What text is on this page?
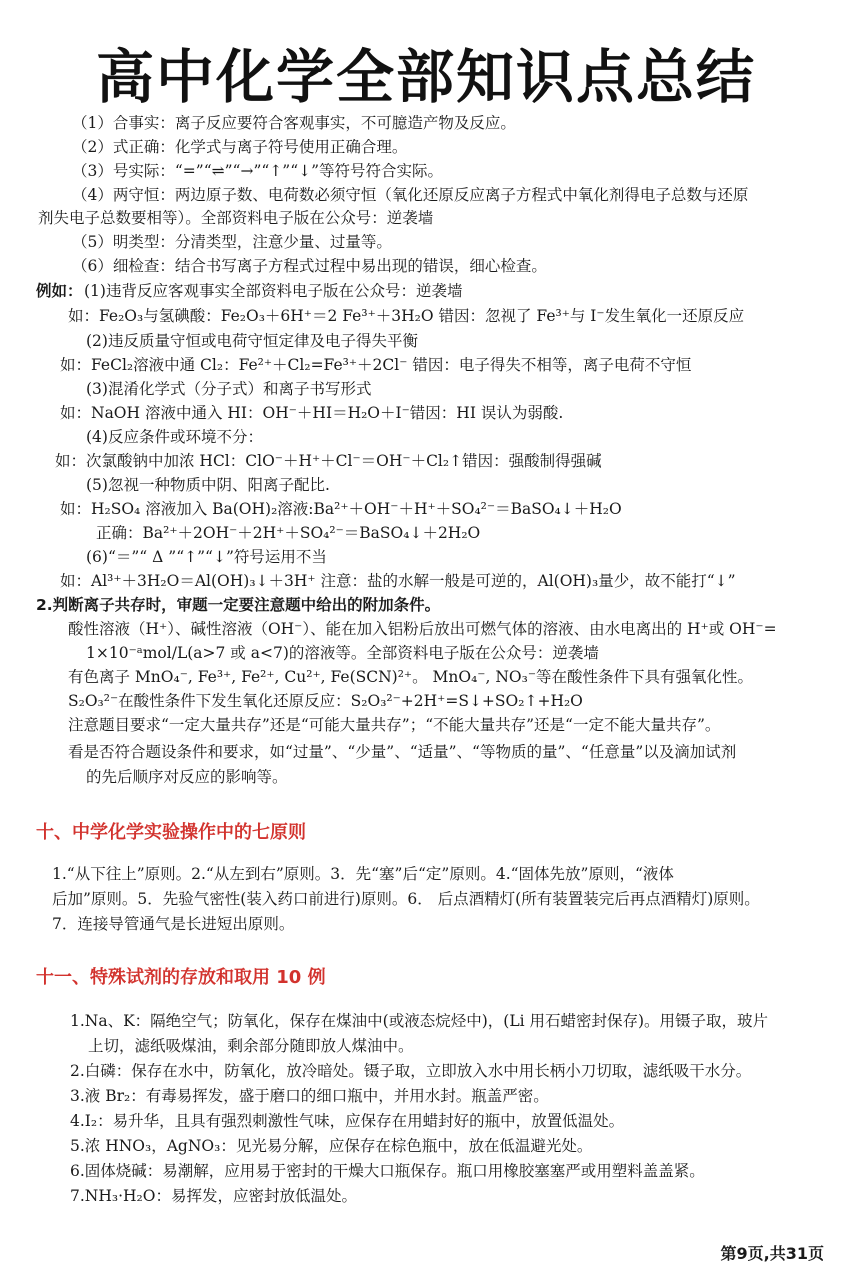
高中化学全部知识点总结
（1）合事实：离子反应要符合客观事实，不可臆造产物及反应。
（2）式正确：化学式与离子符号使用正确合理。
（3）号实际：“=”“⇌”“→”“↑”“↓”等符号符合实际。
（4）两守恒：两边原子数、电荷数必须守恒（氧化还原反应离子方程式中氧化剂得电子总数与还原
剂失电子总数要相等）。全部资料电子版在公众号：逆袭墙
（5）明类型：分清类型，注意少量、过量等。
（6）细检查：结合书写离子方程式过程中易出现的错误，细心检查。
例如： (1)违背反应客观事实全部资料电子版在公众号：逆袭墙
如：Fe₂O₃与氢碘酸：Fe₂O₃＋6H⁺＝2 Fe³⁺＋3H₂O 错因：忽视了 Fe³⁺与 I⁻发生氧化一还原反应
(2)违反质量守恒或电荷守恒定律及电子得失平衡
如：FeCl₂溶液中通 Cl₂：Fe²⁺＋Cl₂=Fe³⁺＋2Cl⁻ 错因：电子得失不相等，离子电荷不守恒
(3)混淆化学式（分子式）和离子书写形式
如：NaOH 溶液中通入 HI：OH⁻＋HI＝H₂O＋I⁻错因：HI 误认为弱酸.
(4)反应条件或环境不分：
如：次氯酸钠中加浓 HCl：ClO⁻＋H⁺＋Cl⁻＝OH⁻＋Cl₂↑错因：强酸制得强碱
(5)忽视一种物质中阴、阳离子配比.
如：H₂SO₄ 溶液加入 Ba(OH)₂溶液:Ba²⁺＋OH⁻＋H⁺＋SO₄²⁻＝BaSO₄↓＋H₂O
正确：Ba²⁺＋2OH⁻＋2H⁺＋SO₄²⁻＝BaSO₄↓＋2H₂O
(6)“＝”“ Δ ”“↑”“↓”符号运用不当
如：Al³⁺＋3H₂O＝Al(OH)₃↓＋3H⁺ 注意：盐的水解一般是可逆的，Al(OH)₃量少，故不能打“↓”
2.判断离子共存时，审题一定要注意题中给出的附加条件。
酸性溶液（H⁺）、碱性溶液（OH⁻）、能在加入铝粉后放出可燃气体的溶液、由水电离出的 H⁺或 OH⁻=
1×10⁻ᵃmol/L(a>7 或 a<7)的溶液等。全部资料电子版在公众号：逆袭墙
有色离子 MnO₄⁻, Fe³⁺, Fe²⁺, Cu²⁺, Fe(SCN)²⁺。 MnO₄⁻, NO₃⁻等在酸性条件下具有强氧化性。
S₂O₃²⁻在酸性条件下发生氧化还原反应：S₂O₃²⁻+2H⁺=S↓+SO₂↑+H₂O
注意题目要求“一定大量共存”还是“可能大量共存”；“不能大量共存”还是“一定不能大量共存”。
看是否符合题设条件和要求，如“过量”、“少量”、“适量”、“等物质的量”、“任意量”以及滴加试剂
的先后顺序对反应的影响等。
十、中学化学实验操作中的七原则
1.“从下往上”原则。2.“从左到右”原则。3．先“塞”后“定”原则。4.“固体先放”原则，“液体
后加”原则。5．先验气密性(装入药口前进行)原则。6． 后点酒精灯(所有装置装完后再点酒精灯)原则。
7．连接导管通气是长进短出原则。
十一、特殊试剂的存放和取用 10 例
1.Na、K：隔绝空气；防氧化，保存在煤油中(或液态烷烃中)，(Li 用石蜡密封保存)。用镊子取，玻片
上切，滤纸吸煤油，剩余部分随即放人煤油中。
2.白磷：保存在水中，防氧化，放冷暗处。镊子取，立即放入水中用长柄小刀切取，滤纸吸干水分。
3.液 Br₂：有毒易挥发，盛于磨口的细口瓶中，并用水封。瓶盖严密。
4.I₂：易升华，且具有强烈刺激性气味，应保存在用蜡封好的瓶中，放置低温处。
5.浓 HNO₃，AgNO₃：见光易分解，应保存在棕色瓶中，放在低温避光处。
6.固体烧碱：易潮解，应用易于密封的干燥大口瓶保存。瓶口用橡胶塞塞严或用塑料盖盖紧。
7.NH₃·H₂O：易挥发，应密封放低温处。
第9页,共31页
